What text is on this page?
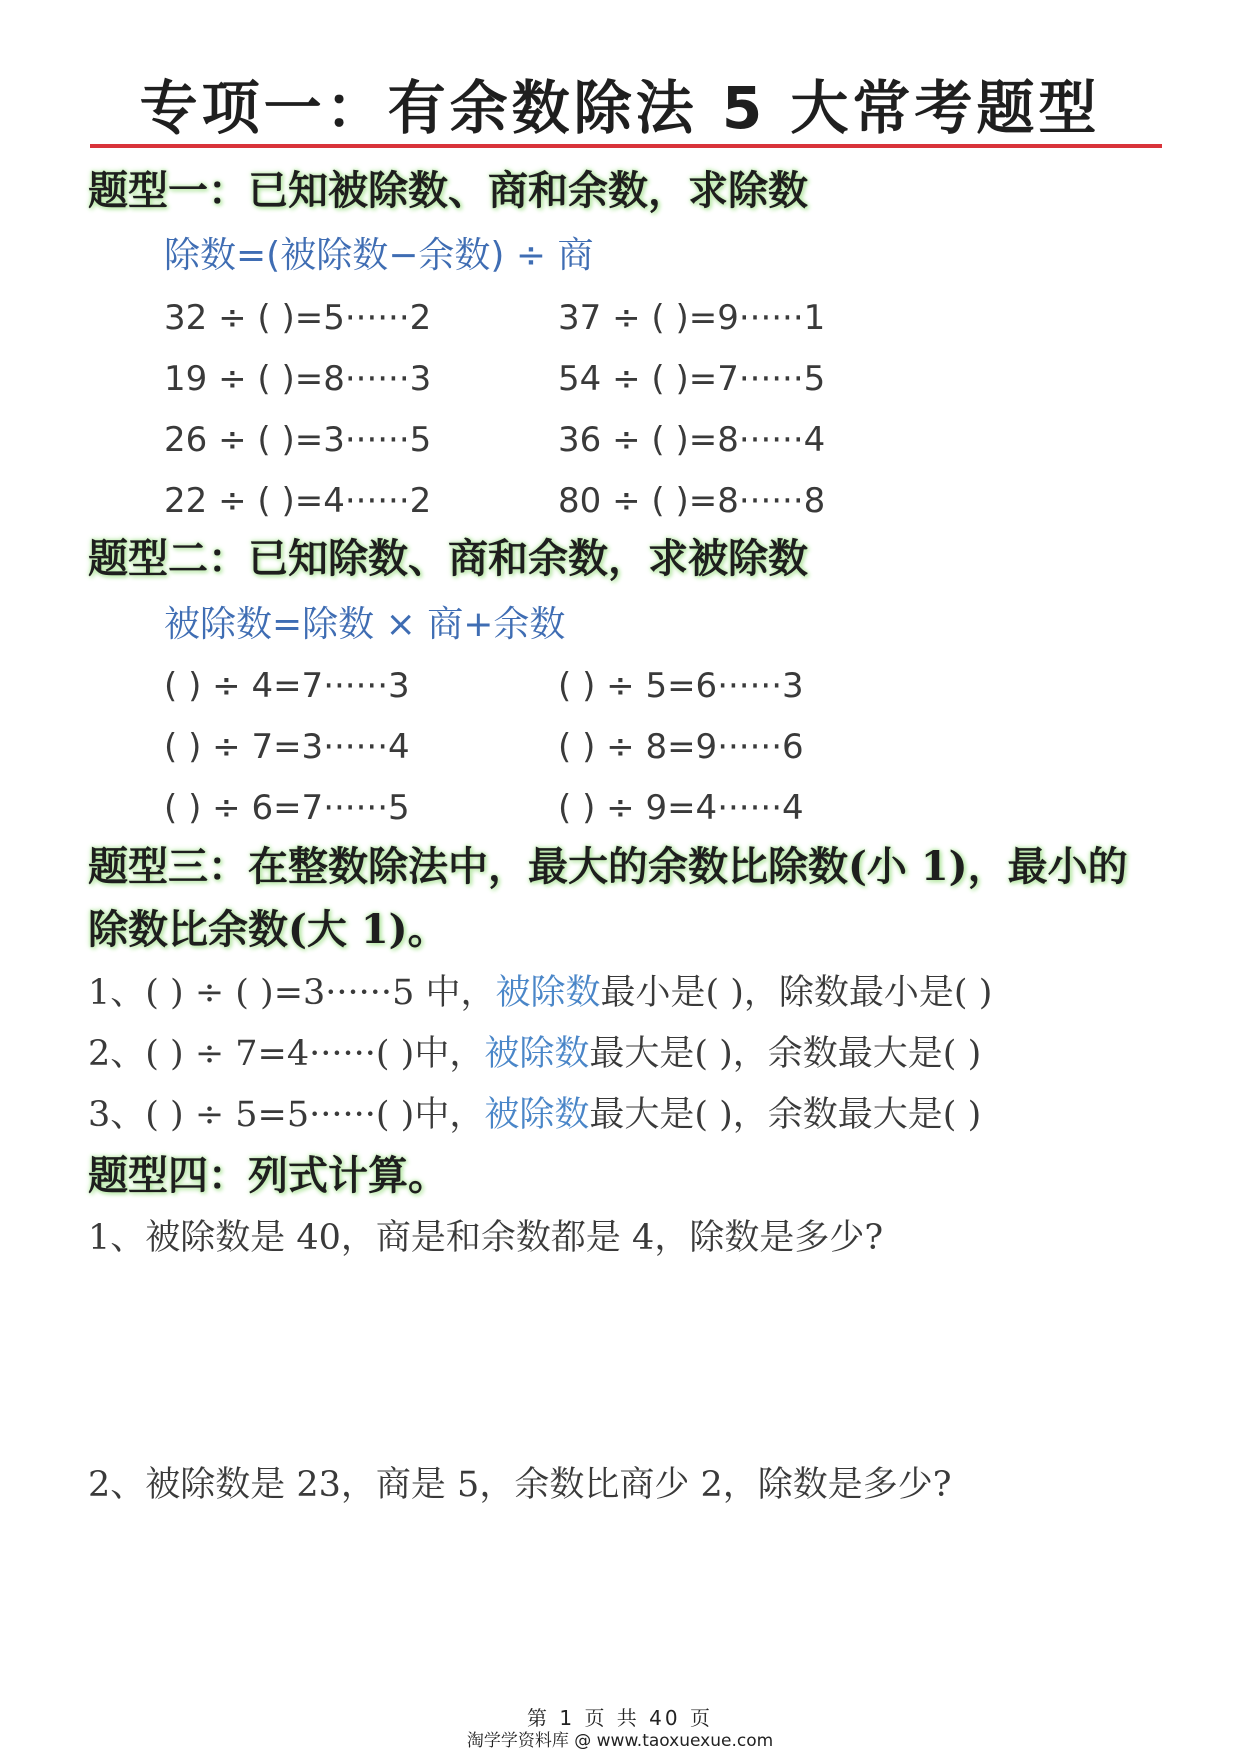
专项一：有余数除法 5 大常考题型
题型一：已知被除数、商和余数，求除数
除数=(被除数−余数) ÷ 商
32 ÷ ( )=5······2
19 ÷ ( )=8······3
26 ÷ ( )=3······5
22 ÷ ( )=4······2
37 ÷ ( )=9······1
54 ÷ ( )=7······5
36 ÷ ( )=8······4
80 ÷ ( )=8······8
题型二：已知除数、商和余数，求被除数
被除数=除数 × 商+余数
( ) ÷ 4=7······3
( ) ÷ 7=3······4
( ) ÷ 6=7······5
( ) ÷ 5=6······3
( ) ÷ 8=9······6
( ) ÷ 9=4······4
题型三：在整数除法中，最大的余数比除数(小 1)，最小的
除数比余数(大 1)。
1、( ) ÷ ( )=3······5 中，被除数最小是( )，除数最小是( )
2、( ) ÷ 7=4······( )中，被除数最大是( )，余数最大是( )
3、( ) ÷ 5=5······( )中，被除数最大是( )，余数最大是( )
题型四：列式计算。
1、被除数是 40，商是和余数都是 4，除数是多少?
2、被除数是 23，商是 5，余数比商少 2，除数是多少?
第 1 页 共 40 页
淘学学资料库 @ www.taoxuexue.com
